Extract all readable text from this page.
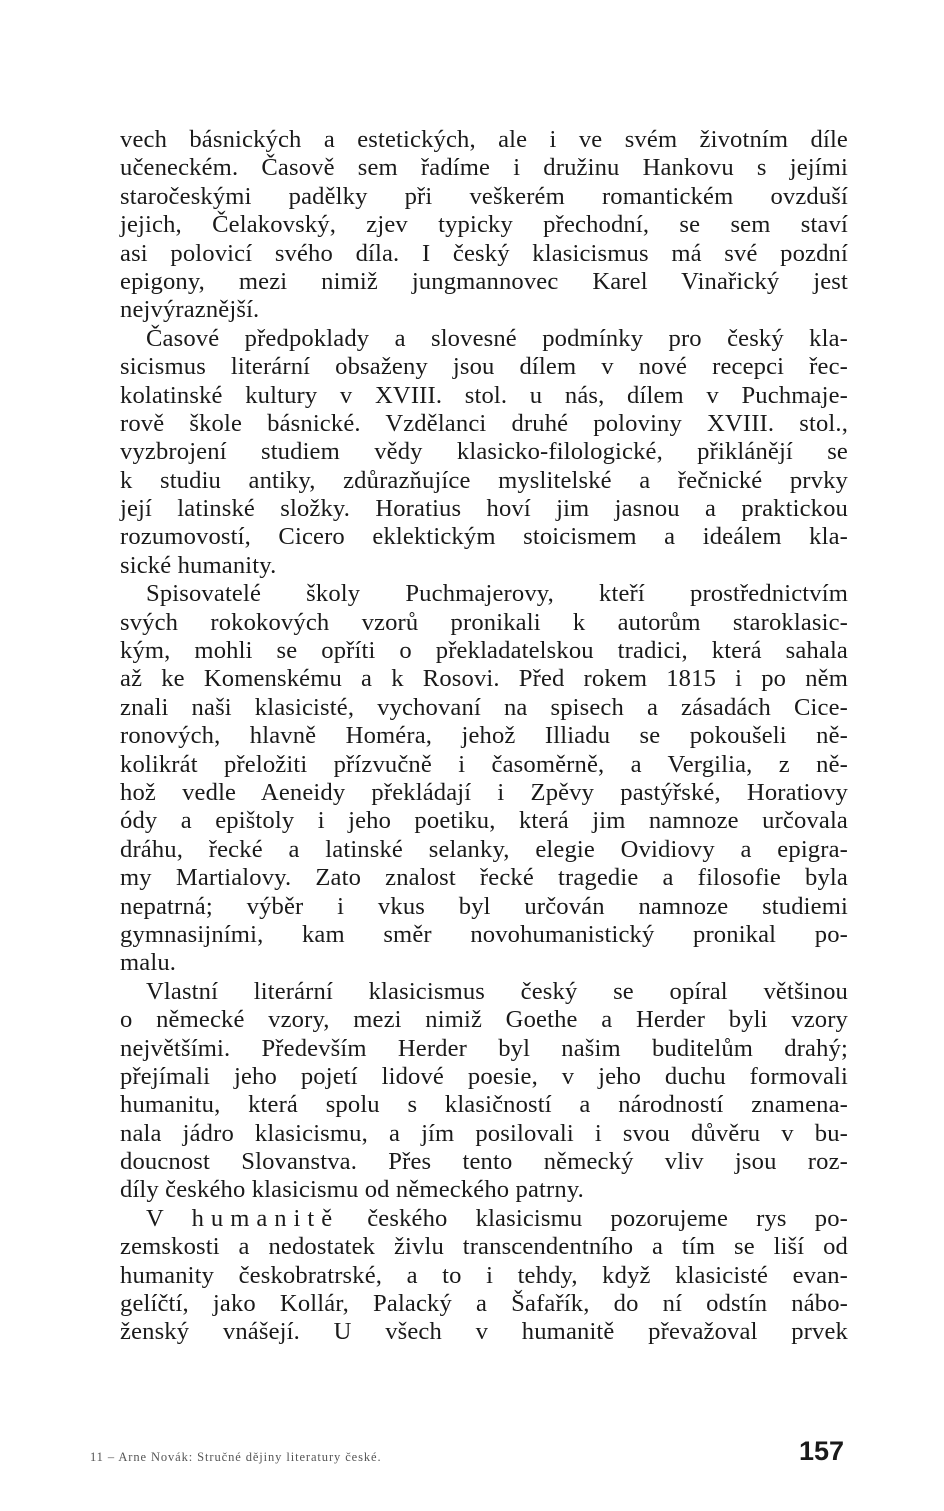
vech básnických a estetických, ale i ve svém životním díle
učeneckém. Časově sem řadíme i družinu Hankovu s jejími
staročeskými padělky při veškerém romantickém ovzduší
jejich, Čelakovský, zjev typicky přechodní, se sem staví
asi polovicí svého díla. I český klasicismus má své pozdní
epigony, mezi nimiž jungmannovec Karel Vinařický jest
nejvýraznější.
Časové předpoklady a slovesné podmínky pro český kla-
sicismus literární obsaženy jsou dílem v nové recepci řec-
kolatinské kultury v XVIII. stol. u nás, dílem v Puchmaje-
rově škole básnické. Vzdělanci druhé poloviny XVIII. stol.,
vyzbrojení studiem vědy klasicko-filologické, přiklánějí se
k studiu antiky, zdůrazňujíce myslitelské a řečnické prvky
její latinské složky. Horatius hoví jim jasnou a praktickou
rozumovostí, Cicero eklektickým stoicismem a ideálem kla-
sické humanity.
Spisovatelé školy Puchmajerovy, kteří prostřednictvím
svých rokokových vzorů pronikali k autorům staroklasic-
kým, mohli se opříti o překladatelskou tradici, která sahala
až ke Komenskému a k Rosovi. Před rokem 1815 i po něm
znali naši klasicisté, vychovaní na spisech a zásadách Cice-
ronových, hlavně Homéra, jehož Illiadu se pokoušeli ně-
kolikrát přeložiti přízvučně i časoměrně, a Vergilia, z ně-
hož vedle Aeneidy překládají i Zpěvy pastýřské, Horatiovy
ódy a epištoly i jeho poetiku, která jim namnoze určovala
dráhu, řecké a latinské selanky, elegie Ovidiovy a epigra-
my Martialovy. Zato znalost řecké tragedie a filosofie byla
nepatrná; výběr i vkus byl určován namnoze studiemi
gymnasijními, kam směr novohumanistický pronikal po-
malu.
Vlastní literární klasicismus český se opíral většinou
o německé vzory, mezi nimiž Goethe a Herder byli vzory
největšími. Především Herder byl našim buditelům drahý;
přejímali jeho pojetí lidové poesie, v jeho duchu formovali
humanitu, která spolu s klasičností a národností znamena-
nala jádro klasicismu, a jím posilovali i svou důvěru v bu-
doucnost Slovanstva. Přes tento německý vliv jsou roz-
díly českého klasicismu od německého patrny.
V humanitě českého klasicismu pozorujeme rys po-
zemskosti a nedostatek živlu transcendentního a tím se liší od
humanity českobratrské, a to i tehdy, když klasicisté evan-
gelíčtí, jako Kollár, Palacký a Šafařík, do ní odstín nábo-
ženský vnášejí. U všech v humanitě převažoval prvek
11 – Arne Novák: Stručné dějiny literatury české.	157
